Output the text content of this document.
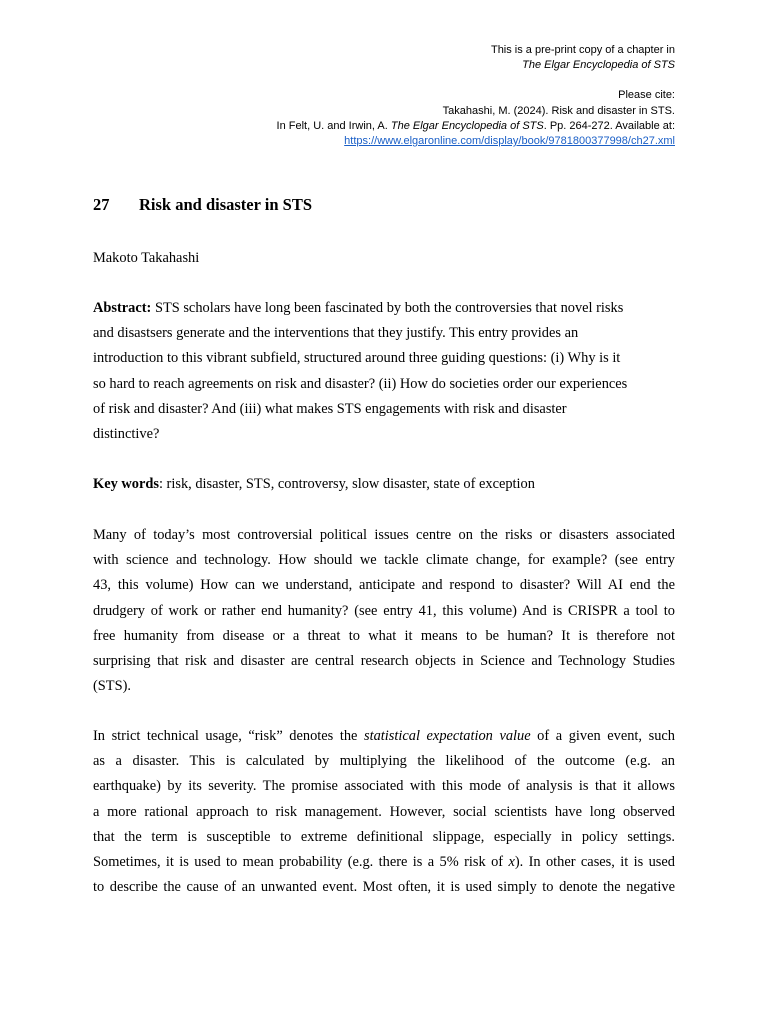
This is a pre-print copy of a chapter in
The Elgar Encyclopedia of STS
Please cite:
Takahashi, M. (2024). Risk and disaster in STS.
In Felt, U. and Irwin, A. The Elgar Encyclopedia of STS. Pp. 264-272. Available at:
https://www.elgaronline.com/display/book/9781800377998/ch27.xml
27 Risk and disaster in STS
Makoto Takahashi
Abstract: STS scholars have long been fascinated by both the controversies that novel risks
and disastsers generate and the interventions that they justify. This entry provides an
introduction to this vibrant subfield, structured around three guiding questions: (i) Why is it
so hard to reach agreements on risk and disaster? (ii) How do societies order our experiences
of risk and disaster? And (iii) what makes STS engagements with risk and disaster
distinctive?
Key words: risk, disaster, STS, controversy, slow disaster, state of exception
Many of today’s most controversial political issues centre on the risks or disasters associated
with science and technology. How should we tackle climate change, for example? (see entry
43, this volume) How can we understand, anticipate and respond to disaster? Will AI end the
drudgery of work or rather end humanity? (see entry 41, this volume) And is CRISPR a tool to
free humanity from disease or a threat to what it means to be human? It is therefore not
surprising that risk and disaster are central research objects in Science and Technology Studies
(STS).
In strict technical usage, “risk” denotes the statistical expectation value of a given event, such
as a disaster. This is calculated by multiplying the likelihood of the outcome (e.g. an
earthquake) by its severity. The promise associated with this mode of analysis is that it allows
a more rational approach to risk management. However, social scientists have long observed
that the term is susceptible to extreme definitional slippage, especially in policy settings.
Sometimes, it is used to mean probability (e.g. there is a 5% risk of x). In other cases, it is used
to describe the cause of an unwanted event. Most often, it is used simply to denote the negative
